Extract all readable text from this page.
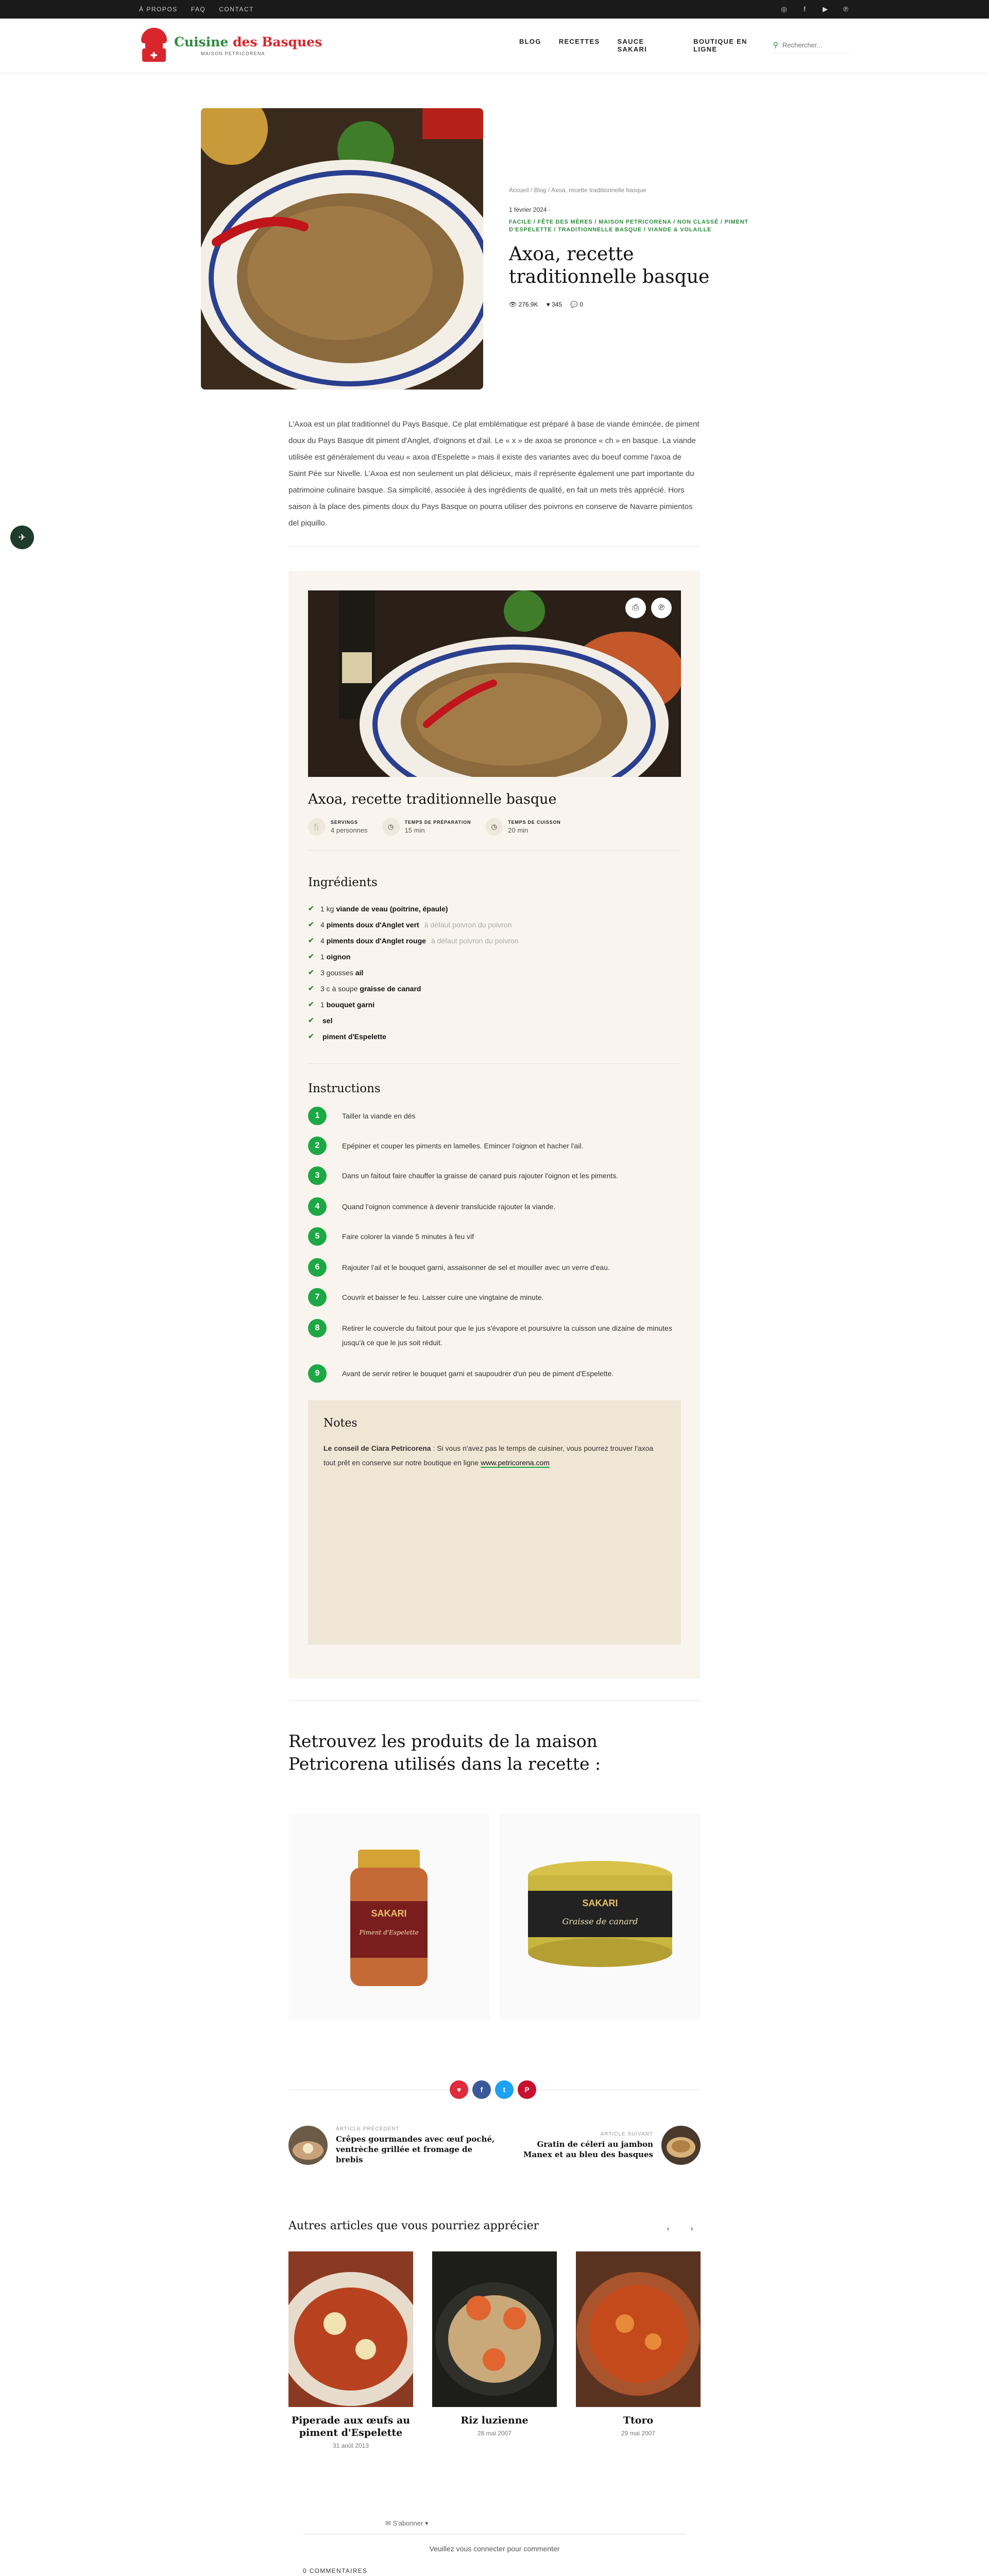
À PROPOS FAQ CONTACT	◎	f	▶ ℗
✚
Cuisine des Basques
MAISON PETRICORENA
BLOG	RECETTES	SAUCE SAKARI
BOUTIQUE EN LIGNE
⚲
Rechercher...
Accueil / Blog / Axoa, recette traditionnelle basque
1 février 2024 ·
FACILE / FÊTE DES MÈRES / MAISON PETRICORENA / NON CLASSÉ / PIMENT D'ESPELETTE / TRADITIONNELLE BASQUE / VIANDE & VOLAILLE
Axoa, recette traditionnelle basque
👁 276.9K ♥ 345 💬 0

L'Axoa est un plat traditionnel du Pays Basque. Ce plat emblématique est préparé à base de viande émincée, de piment doux du Pays Basque dit piment d'Anglet, d'oignons et d'ail. Le « x » de axoa se prononce « ch » en basque. La viande utilisée est généralement du veau « axoa d'Espelette » mais il existe des variantes avec du boeuf comme l'axoa de Saint Pée sur Nivelle. L'Axoa est non seulement un plat délicieux, mais il représente également une part importante du patrimoine culinaire basque. Sa simplicité, associée à des ingrédients de qualité, en fait un mets très apprécié. Hors saison à la place des piments doux du Pays Basque on pourra utiliser des poivrons en conserve de Navarre pimientos del piquillo.

✈
⎙	℗
Axoa, recette traditionnelle basque
🍴
SERVINGS
4 personnes	◷
TEMPS DE PRÉPARATION
15 min	◷
TEMPS DE CUISSON
20 min
Ingrédients
✔ 1 kg viande de veau (poitrine, épaule)
✔ 4 piments doux d'Anglet vert à défaut poivron du poivron
✔ 4 piments doux d'Anglet rouge à défaut poivron du poivron
✔ 1 oignon
✔ 3 gousses ail
✔ 3 c à soupe graisse de canard
✔ 1 bouquet garni
✔ sel
✔ piment d'Espelette
Instructions
1	Tailler la viande en dés
2	Epépiner et couper les piments en lamelles. Emincer l'oignon et hacher l'ail.
3	Dans un faitout faire chauffer la graisse de canard puis rajouter l'oignon et les piments.
4	Quand l'oignon commence à devenir translucide rajouter la viande.
5	Faire colorer la viande 5 minutes à feu vif
6	Rajouter l'ail et le bouquet garni, assaisonner de sel et mouiller avec un verre d'eau.
7	Couvrir et baisser le feu. Laisser cuire une vingtaine de minute.
8	Retirer le couvercle du faitout pour que le jus s'évapore et poursuivre la cuisson une dizaine de minutes jusqu'à ce que le jus soit réduit.
9	Avant de servir retirer le bouquet garni et saupoudrer d'un peu de piment d'Espelette.
Notes

Le conseil de Ciara Petricorena : Si vous n'avez pas le temps de cuisiner, vous pourrez trouver l'axoa tout prêt en conserve sur notre boutique en ligne www.petricorena.com

Retrouvez les produits de la maison Petricorena utilisés dans la recette :
SAKARI
Piment d'Espelette
SAKARI
Graisse de canard
♥	f	t	P
ARTICLE PRÉCÉDENT
Crêpes gourmandes avec œuf poché, ventrèche grillée et fromage de brebis
ARTICLE SUIVANT
Gratin de céleri au jambon Manex et au bleu des basques
Autres articles que vous pourriez apprécier	‹	›
Piperade aux œufs au piment d'Espelette
31 août 2013
Riz luzienne
28 mai 2007
Ttoro
29 mai 2007
✉ S'abonner ▾
Veuillez vous connecter pour commenter
0 COMMENTAIRES
